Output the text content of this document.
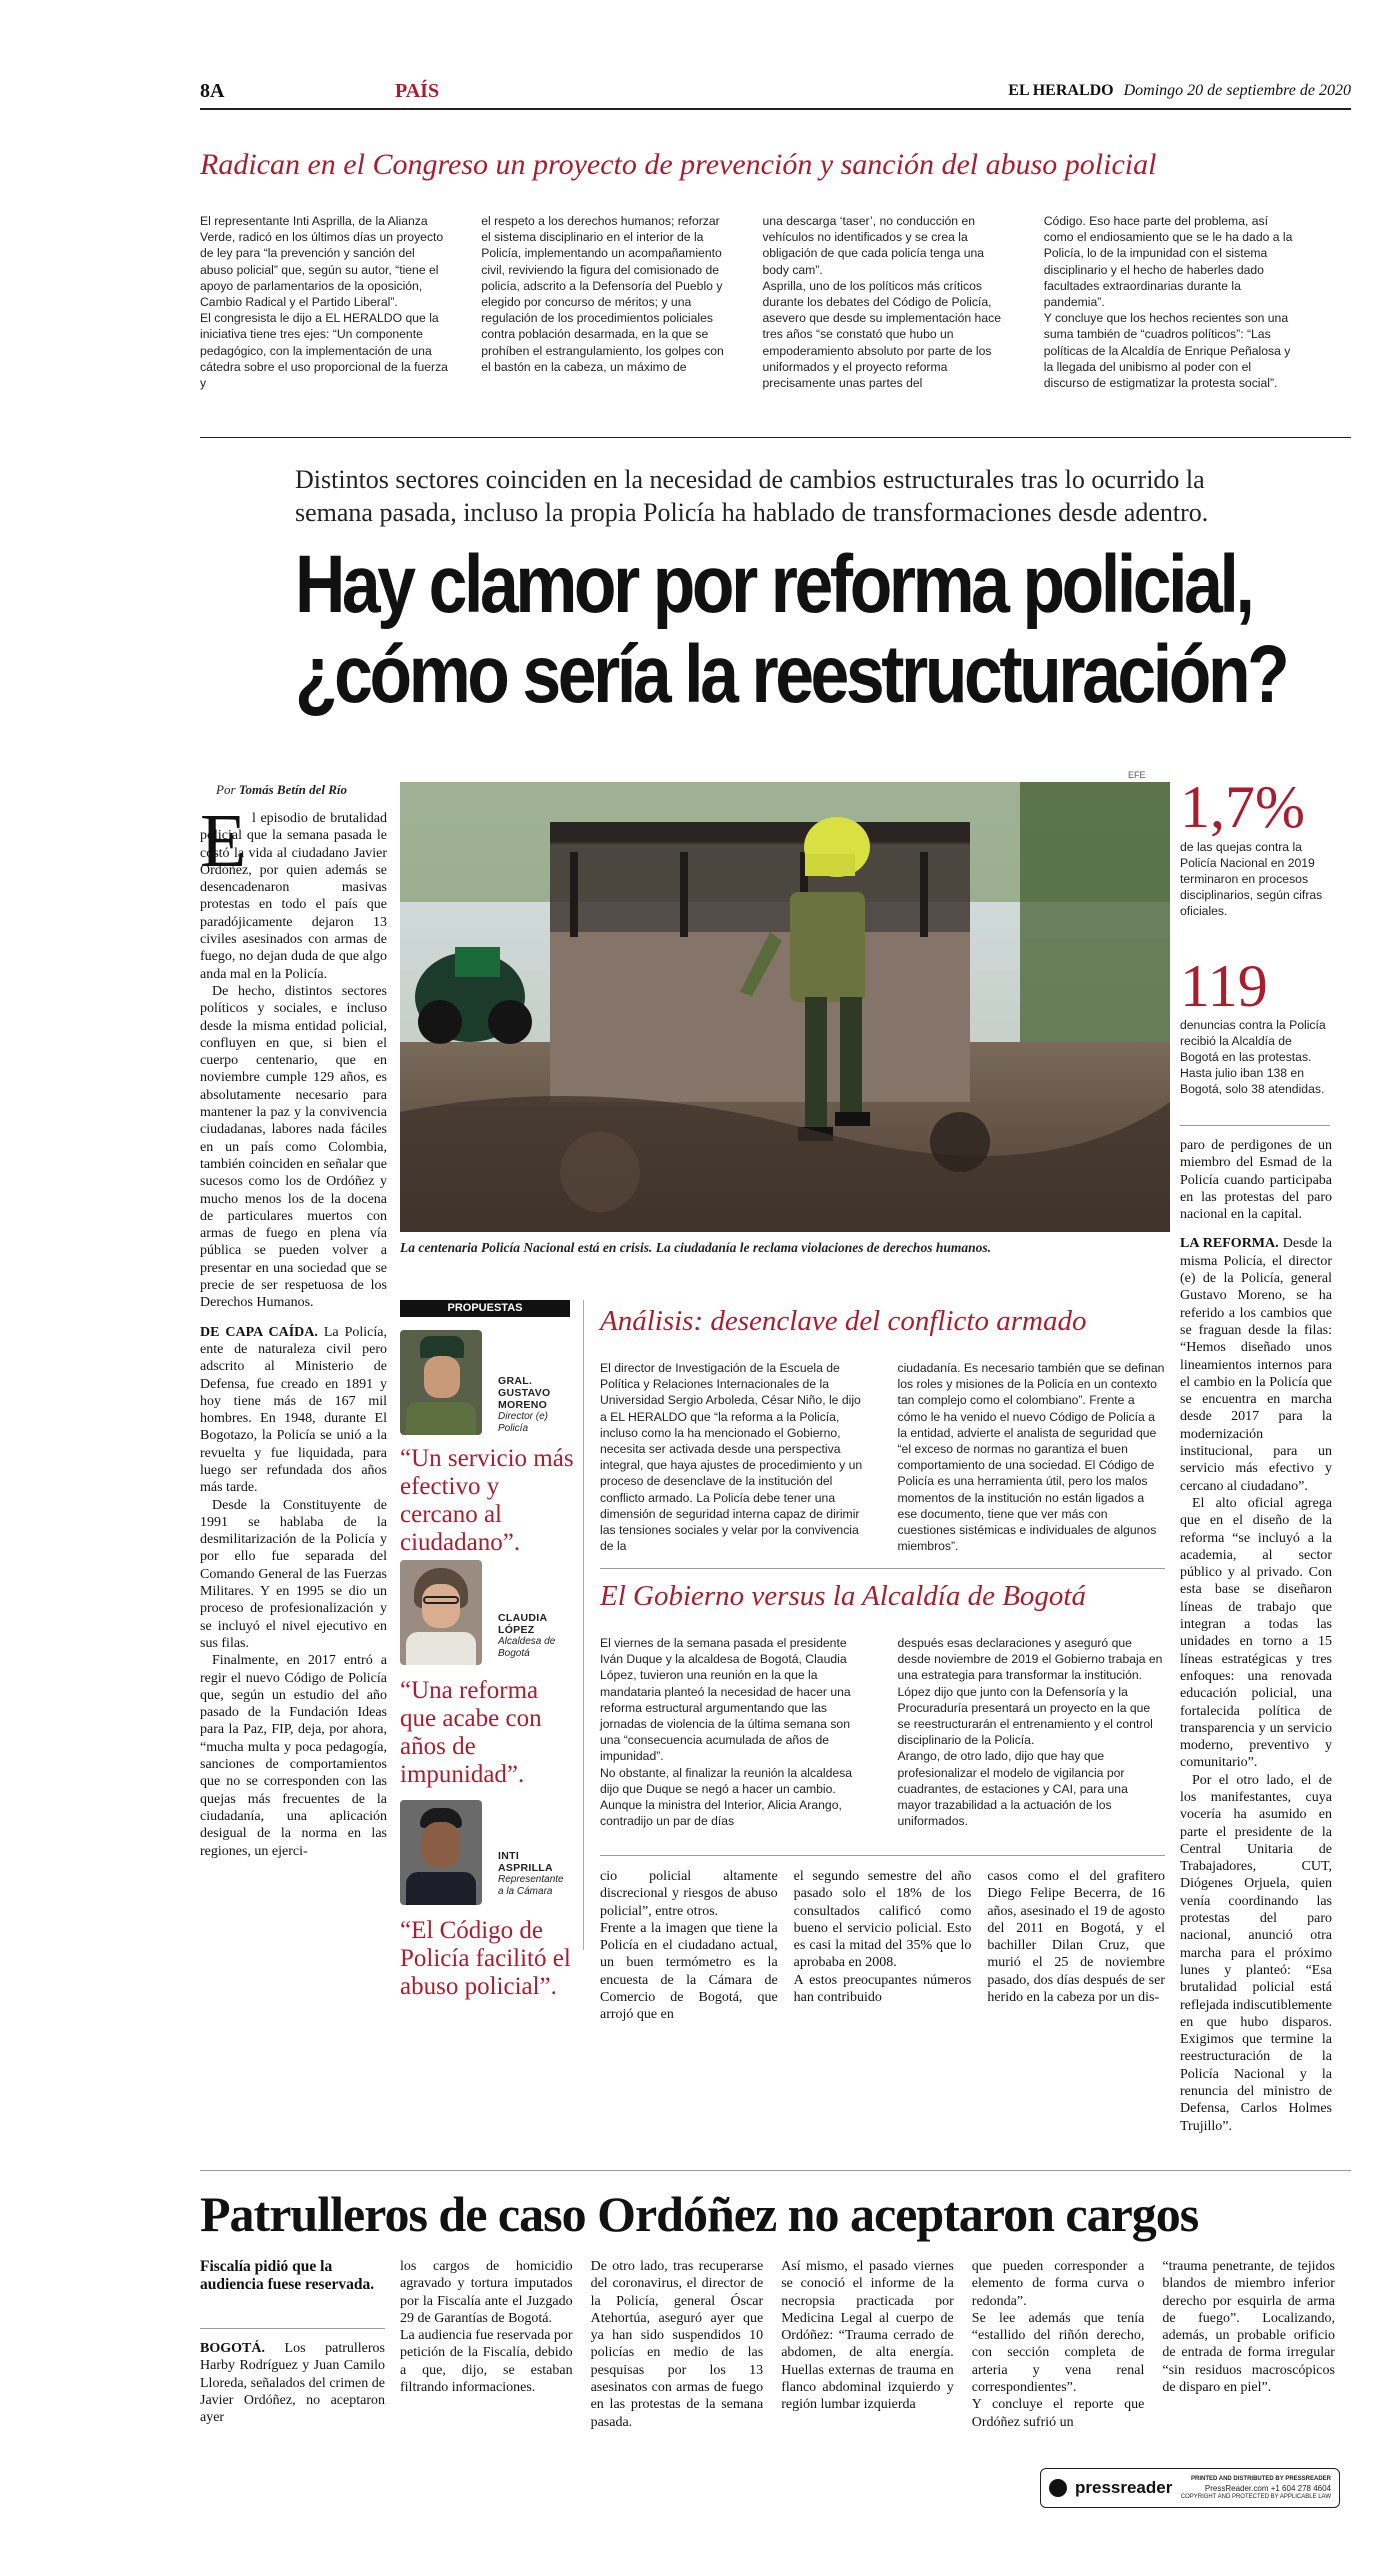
8A	PAÍS	EL HERALDO Domingo 20 de septiembre de 2020
Radican en el Congreso un proyecto de prevención y sanción del abuso policial

El representante Inti Asprilla, de la Alianza Verde, radicó en los últimos días un proyecto de ley para “la prevención y sanción del abuso policial” que, según su autor, “tiene el apoyo de parlamentarios de la oposición, Cambio Radical y el Partido Liberal”.
El congresista le dijo a EL HERALDO que la iniciativa tiene tres ejes: “Un componente pedagógico, con la implementación de una cátedra sobre el uso proporcional de la fuerza y

el respeto a los derechos humanos; reforzar el sistema disciplinario en el interior de la Policía, implementando un acompañamiento civil, reviviendo la figura del comisionado de policía, adscrito a la Defensoría del Pueblo y elegido por concurso de méritos; y una regulación de los procedimientos policiales contra población desarmada, en la que se prohíben el estrangulamiento, los golpes con el bastón en la cabeza, un máximo de

una descarga ‘taser’, no conducción en vehículos no identificados y se crea la obligación de que cada policía tenga una body cam”.
Asprilla, uno de los políticos más críticos durante los debates del Código de Policía, asevero que desde su implementación hace tres años “se constató que hubo un empoderamiento absoluto por parte de los uniformados y el proyecto reforma precisamente unas partes del

Código. Eso hace parte del problema, así como el endiosamiento que se le ha dado a la Policía, lo de la impunidad con el sistema disciplinario y el hecho de haberles dado facultades extraordinarias durante la pandemia”.
Y concluye que los hechos recientes son una suma también de “cuadros políticos”: “Las políticas de la Alcaldía de Enrique Peñalosa y la llegada del unibismo al poder con el discurso de estigmatizar la protesta social”.

Distintos sectores coinciden en la necesidad de cambios estructurales tras lo ocurrido la semana pasada, incluso la propia Policía ha hablado de transformaciones desde adentro.
Hay clamor por reforma policial,
¿cómo sería la reestructuración?
Por Tomás Betín del Río
E l episodio de brutalidad policial que la semana pasada le costó la vida al ciudadano Javier Ordóñez, por quien además se desencadenaron masivas protestas en todo el país que paradójicamente dejaron 13 civiles asesinados con armas de fuego, no dejan duda de que algo anda mal en la Policía.

De hecho, distintos sectores políticos y sociales, e incluso desde la misma entidad policial, confluyen en que, si bien el cuerpo centenario, que en noviembre cumple 129 años, es absolutamente necesario para mantener la paz y la convivencia ciudadanas, labores nada fáciles en un país como Colombia, también coinciden en señalar que sucesos como los de Ordóñez y mucho menos los de la docena de particulares muertos con armas de fuego en plena vía pública se pueden volver a presentar en una sociedad que se precie de ser respetuosa de los Derechos Humanos.

DE CAPA CAÍDA. La Policía, ente de naturaleza civil pero adscrito al Ministerio de Defensa, fue creado en 1891 y hoy tiene más de 167 mil hombres. En 1948, durante El Bogotazo, la Policía se unió a la revuelta y fue liquidada, para luego ser refundada dos años más tarde.

Desde la Constituyente de 1991 se hablaba de la desmilitarización de la Policía y por ello fue separada del Comando General de las Fuerzas Militares. Y en 1995 se dio un proceso de profesionalización y se incluyó el nivel ejecutivo en sus filas.

Finalmente, en 2017 entró a regir el nuevo Código de Policía que, según un estudio del año pasado de la Fundación Ideas para la Paz, FIP, deja, por ahora, “mucha multa y poca pedagogía, sanciones de comportamientos que no se corresponden con las quejas más frecuentes de la ciudadanía, una aplicación desigual de la norma en las regiones, un ejerci-

EFE
La centenaria Policía Nacional está en crisis. La ciudadanía le reclama violaciones de derechos humanos.
1,7%
de las quejas contra la Policía Nacional en 2019 terminaron en procesos disciplinarios, según cifras oficiales.
119
denuncias contra la Policía recibió la Alcaldía de Bogotá en las protestas. Hasta julio iban 138 en Bogotá, solo 38 atendidas.

paro de perdigones de un miembro del Esmad de la Policía cuando participaba en las protestas del paro nacional en la capital.

LA REFORMA. Desde la misma Policía, el director (e) de la Policía, general Gustavo Moreno, se ha referido a los cambios que se fraguan desde la filas: “Hemos diseñado unos lineamientos internos para el cambio en la Policía que se encuentra en marcha desde 2017 para la modernización institucional, para un servicio más efectivo y cercano al ciudadano”.

El alto oficial agrega que en el diseño de la reforma “se incluyó a la academia, al sector público y al privado. Con esta base se diseñaron líneas de trabajo que integran a todas las unidades en torno a 15 líneas estratégicas y tres enfoques: una renovada educación policial, una fortalecida política de transparencia y un servicio moderno, preventivo y comunitario”.

Por el otro lado, el de los manifestantes, cuya vocería ha asumido en parte el presidente de la Central Unitaria de Trabajadores, CUT, Diógenes Orjuela, quien venía coordinando las protestas del paro nacional, anunció otra marcha para el próximo lunes y planteó: “Esa brutalidad policial está reflejada indiscutiblemente en que hubo disparos. Exigimos que termine la reestructuración de la Policía Nacional y la renuncia del ministro de Defensa, Carlos Holmes Trujillo”.

PROPUESTAS
GRAL.
GUSTAVO
MORENO
Director (e) Policía
“Un servicio más efectivo y cercano al ciudadano”.
CLAUDIA
LÓPEZ
Alcaldesa de Bogotá
“Una reforma que acabe con años de impunidad”.
INTI
ASPRILLA
Representante a la Cámara
“El Código de Policía facilitó el abuso policial”.
Análisis: desenclave del conflicto armado

El director de Investigación de la Escuela de Política y Relaciones Internacionales de la Universidad Sergio Arboleda, César Niño, le dijo a EL HERALDO que “la reforma a la Policía, incluso como la ha mencionado el Gobierno, necesita ser activada desde una perspectiva integral, que haya ajustes de procedimiento y un proceso de desenclave de la institución del conflicto armado. La Policía debe tener una dimensión de seguridad interna capaz de dirimir las tensiones sociales y velar por la convivencia de la

ciudadanía. Es necesario también que se definan los roles y misiones de la Policía en un contexto tan complejo como el colombiano”. Frente a cómo le ha venido el nuevo Código de Policía a la entidad, advierte el analista de seguridad que “el exceso de normas no garantiza el buen comportamiento de una sociedad. El Código de Policía es una herramienta útil, pero los malos momentos de la institución no están ligados a ese documento, tiene que ver más con cuestiones sistémicas e individuales de algunos miembros”.

El Gobierno versus la Alcaldía de Bogotá

El viernes de la semana pasada el presidente Iván Duque y la alcaldesa de Bogotá, Claudia López, tuvieron una reunión en la que la mandataria planteó la necesidad de hacer una reforma estructural argumentando que las jornadas de violencia de la última semana son una “consecuencia acumulada de años de impunidad”.
No obstante, al finalizar la reunión la alcaldesa dijo que Duque se negó a hacer un cambio. Aunque la ministra del Interior, Alicia Arango, contradijo un par de días

después esas declaraciones y aseguró que desde noviembre de 2019 el Gobierno trabaja en una estrategia para transformar la institución.
López dijo que junto con la Defensoría y la Procuraduría presentará un proyecto en la que se reestructurarán el entrenamiento y el control disciplinario de la Policía.
Arango, de otro lado, dijo que hay que profesionalizar el modelo de vigilancia por cuadrantes, de estaciones y CAI, para una mayor trazabilidad a la actuación de los uniformados.

cio policial altamente discrecional y riesgos de abuso policial”, entre otros.
Frente a la imagen que tiene la Policía en el ciudadano actual, un buen termómetro es la encuesta de la Cámara de Comercio de Bogotá, que arrojó que en

el segundo semestre del año pasado solo el 18% de los consultados calificó como bueno el servicio policial. Esto es casi la mitad del 35% que lo aprobaba en 2008.
A estos preocupantes números han contribuido

casos como el del grafitero Diego Felipe Becerra, de 16 años, asesinado el 19 de agosto del 2011 en Bogotá, y el bachiller Dilan Cruz, que murió el 25 de noviembre pasado, dos días después de ser herido en la cabeza por un dis-

Patrulleros de caso Ordóñez no aceptaron cargos
Fiscalía pidió que la audiencia fuese reservada.
BOGOTÁ. Los patrulleros Harby Rodríguez y Juan Camilo Lloreda, señalados del crimen de Javier Ordóñez, no aceptaron ayer

los cargos de homicidio agravado y tortura imputados por la Fiscalía ante el Juzgado 29 de Garantías de Bogotá.
La audiencia fue reservada por petición de la Fiscalía, debido a que, dijo, se estaban filtrando informaciones.

De otro lado, tras recuperarse del coronavirus, el director de la Policía, general Óscar Atehortúa, aseguró ayer que ya han sido suspendidos 10 policías en medio de las pesquisas por los 13 asesinatos con armas de fuego en las protestas de la semana pasada.

Así mismo, el pasado viernes se conoció el informe de la necropsia practicada por Medicina Legal al cuerpo de Ordóñez: “Trauma cerrado de abdomen, de alta energía. Huellas externas de trauma en flanco abdominal izquierdo y región lumbar izquierda

que pueden corresponder a elemento de forma curva o redonda”.
Se lee además que tenía “estallido del riñón derecho, con sección completa de arteria y vena renal correspondientes”.
Y concluye el reporte que Ordóñez sufrió un

“trauma penetrante, de tejidos blandos de miembro inferior derecho por esquirla de arma de fuego”. Localizando, además, un probable orificio de entrada de forma irregular “sin residuos macroscópicos de disparo en piel”.

pressreader	PRINTED AND DISTRIBUTED BY PRESSREADER
PressReader.com +1 604 278 4604
COPYRIGHT AND PROTECTED BY APPLICABLE LAW
